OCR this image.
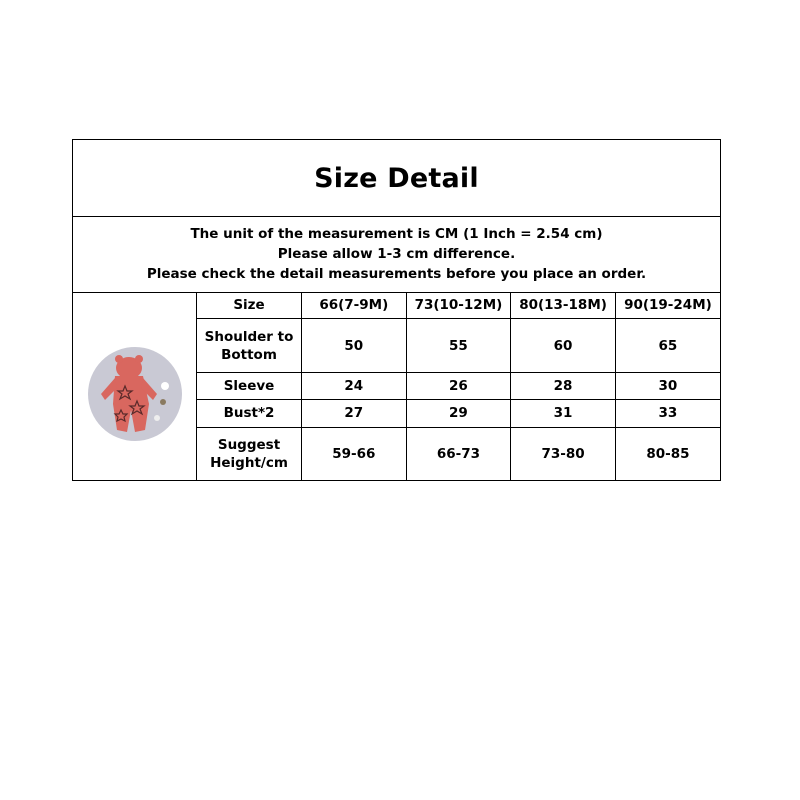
Size Detail
The unit of the measurement is CM (1 Inch = 2.54 cm)
Please allow 1-3 cm difference.
Please check the detail measurements before you place an order.
Size	66(7-9M)	73(10-12M)	80(13-18M)	90(19-24M)
Shoulder to Bottom	50	55	60	65
Sleeve	24	26	28	30
Bust*2	27	29	31	33
Suggest Height/cm	59-66	66-73	73-80	80-85
